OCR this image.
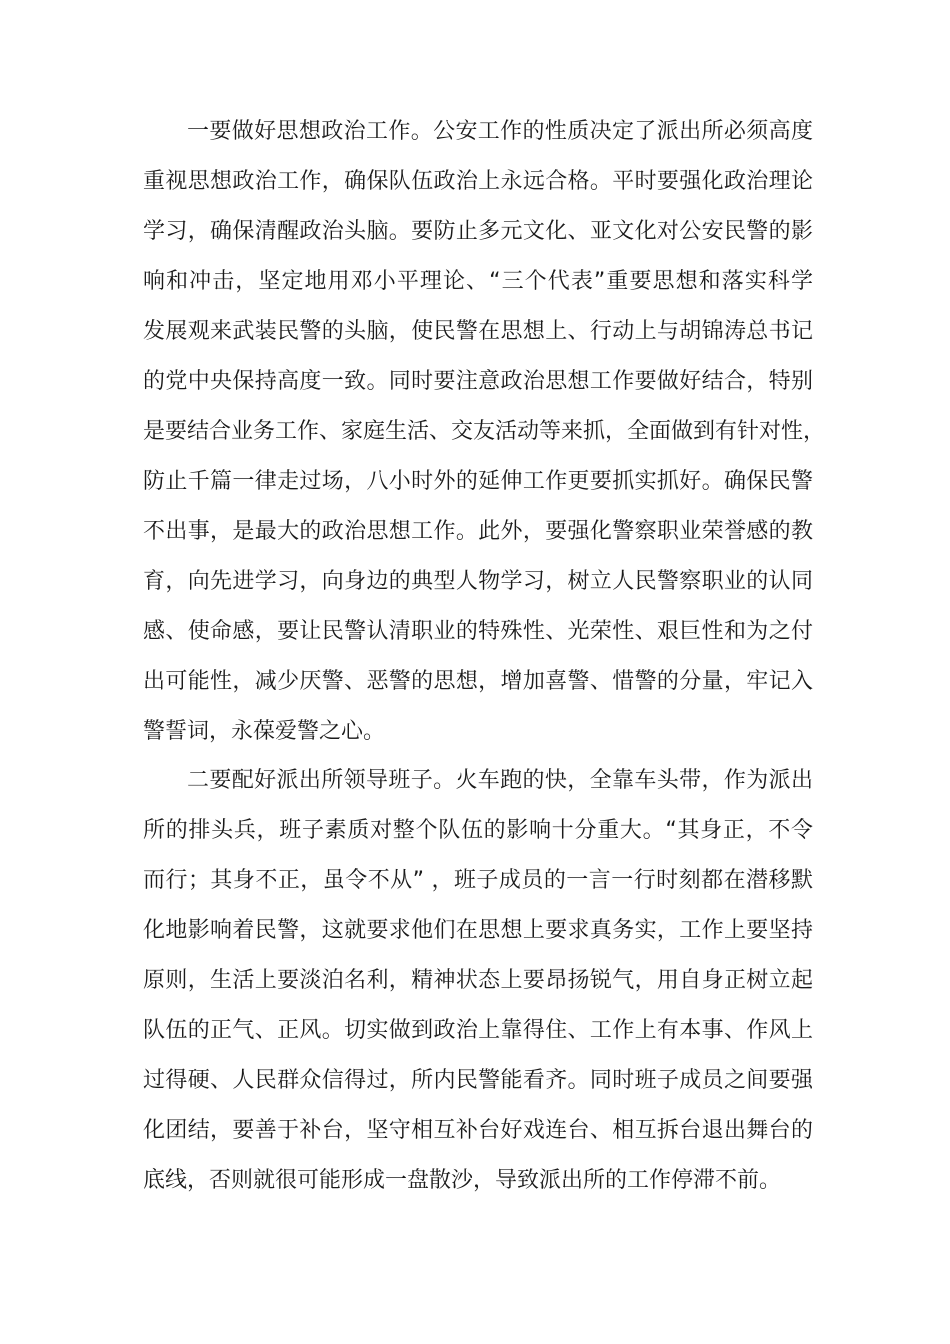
一要做好思想政治工作。公安工作的性质决定了派出所必须高度

重视思想政治工作，确保队伍政治上永远合格。平时要强化政治理论

学习，确保清醒政治头脑。要防止多元文化、亚文化对公安民警的影

响和冲击，坚定地用邓小平理论、“三个代表”重要思想和落实科学

发展观来武装民警的头脑，使民警在思想上、行动上与胡锦涛总书记

的党中央保持高度一致。同时要注意政治思想工作要做好结合，特别

是要结合业务工作、家庭生活、交友活动等来抓，全面做到有针对性，

防止千篇一律走过场，八小时外的延伸工作更要抓实抓好。确保民警

不出事，是最大的政治思想工作。此外，要强化警察职业荣誉感的教

育，向先进学习，向身边的典型人物学习，树立人民警察职业的认同

感、使命感，要让民警认清职业的特殊性、光荣性、艰巨性和为之付

出可能性，减少厌警、恶警的思想，增加喜警、惜警的分量，牢记入

警誓词，永葆爱警之心。

二要配好派出所领导班子。火车跑的快，全靠车头带，作为派出

所的排头兵，班子素质对整个队伍的影响十分重大。“其身正，不令

而行；其身不正，虽令不从” ，班子成员的一言一行时刻都在潜移默

化地影响着民警，这就要求他们在思想上要求真务实，工作上要坚持

原则，生活上要淡泊名利，精神状态上要昂扬锐气，用自身正树立起

队伍的正气、正风。切实做到政治上靠得住、工作上有本事、作风上

过得硬、人民群众信得过，所内民警能看齐。同时班子成员之间要强

化团结，要善于补台，坚守相互补台好戏连台、相互拆台退出舞台的

底线，否则就很可能形成一盘散沙，导致派出所的工作停滞不前。
